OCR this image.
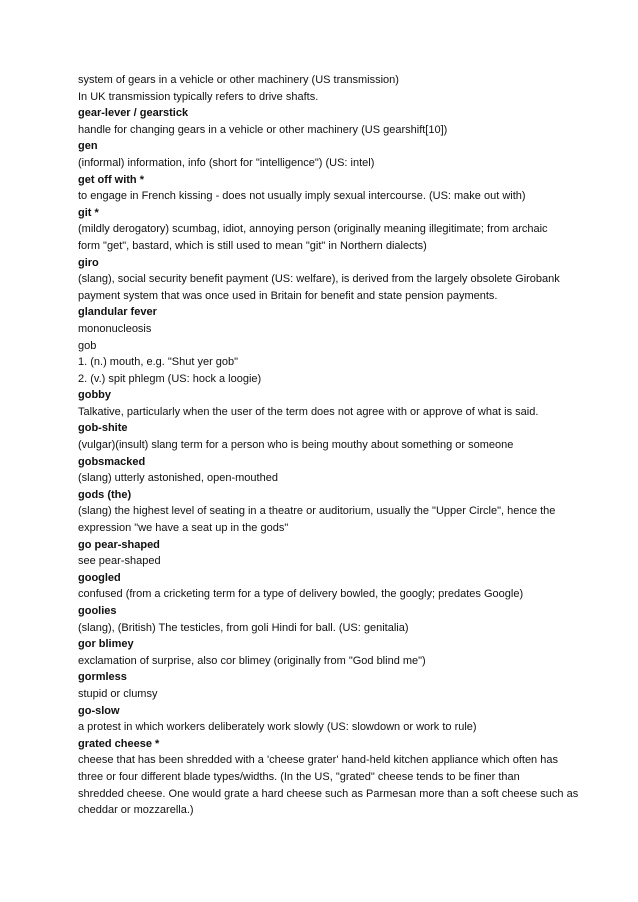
system of gears in a vehicle or other machinery (US transmission)
In UK transmission typically refers to drive shafts.
gear-lever / gearstick
handle for changing gears in a vehicle or other machinery (US gearshift[10])
gen
(informal) information, info (short for "intelligence") (US: intel)
get off with *
to engage in French kissing - does not usually imply sexual intercourse. (US: make out with)
git *
(mildly derogatory) scumbag, idiot, annoying person (originally meaning illegitimate; from archaic
form "get", bastard, which is still used to mean "git" in Northern dialects)
giro
(slang), social security benefit payment (US: welfare), is derived from the largely obsolete Girobank
payment system that was once used in Britain for benefit and state pension payments.
glandular fever
mononucleosis
gob
1. (n.) mouth, e.g. "Shut yer gob"
2. (v.) spit phlegm (US: hock a loogie)
gobby
Talkative, particularly when the user of the term does not agree with or approve of what is said.
gob-shite
(vulgar)(insult) slang term for a person who is being mouthy about something or someone
gobsmacked
(slang) utterly astonished, open-mouthed
gods (the)
(slang) the highest level of seating in a theatre or auditorium, usually the "Upper Circle", hence the
expression "we have a seat up in the gods"
go pear-shaped
see pear-shaped
googled
confused (from a cricketing term for a type of delivery bowled, the googly; predates Google)
goolies
(slang), (British) The testicles, from goli Hindi for ball. (US: genitalia)
gor blimey
exclamation of surprise, also cor blimey (originally from "God blind me")
gormless
stupid or clumsy
go-slow
a protest in which workers deliberately work slowly (US: slowdown or work to rule)
grated cheese *
cheese that has been shredded with a 'cheese grater' hand-held kitchen appliance which often has
three or four different blade types/widths. (In the US, "grated" cheese tends to be finer than
shredded cheese. One would grate a hard cheese such as Parmesan more than a soft cheese such as
cheddar or mozzarella.)
